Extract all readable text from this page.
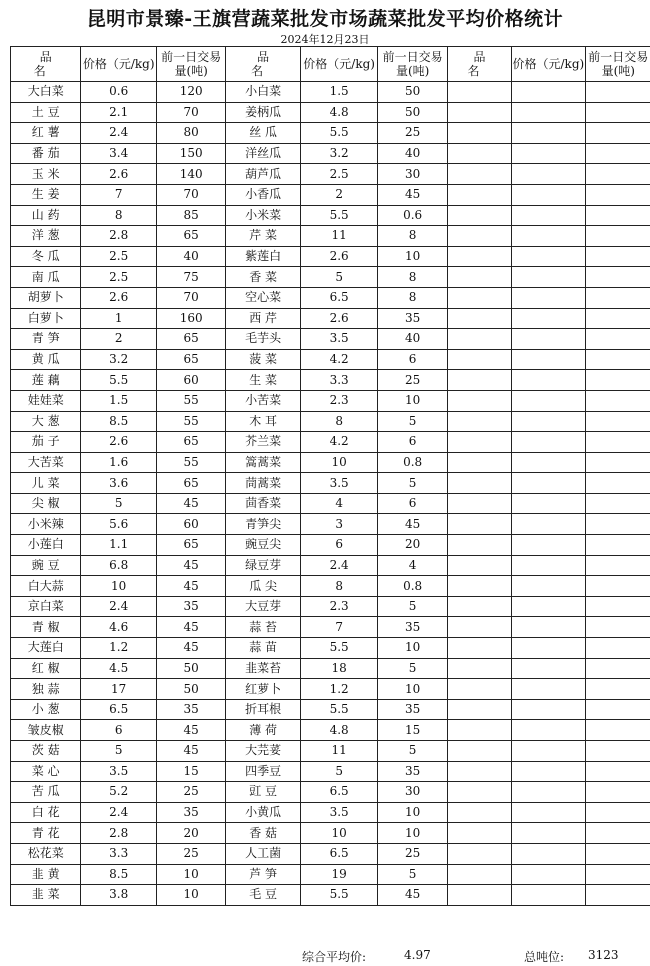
昆明市景臻-王旗营蔬菜批发市场蔬菜批发平均价格统计
2024年12月23日
品 名	价格（元/kg)	前一日交易量(吨)	品 名	价格（元/kg)	前一日交易量(吨)	品 名	价格（元/kg)	前一日交易量(吨)
大白菜	0.6	120	小白菜	1.5	50			
土 豆	2.1	70	姜柄瓜	4.8	50			
红 薯	2.4	80	丝 瓜	5.5	25			
番 茄	3.4	150	洋丝瓜	3.2	40			
玉 米	2.6	140	葫芦瓜	2.5	30			
生 姜	7	70	小香瓜	2	45			
山 药	8	85	小米菜	5.5	0.6			
洋 葱	2.8	65	芹 菜	11	8			
冬 瓜	2.5	40	紫莲白	2.6	10			
南 瓜	2.5	75	香 菜	5	8			
胡萝卜	2.6	70	空心菜	6.5	8			
白萝卜	1	160	西 芹	2.6	35			
青 笋	2	65	毛芋头	3.5	40			
黄 瓜	3.2	65	菠 菜	4.2	6			
莲 藕	5.5	60	生 菜	3.3	25			
娃娃菜	1.5	55	小苦菜	2.3	10			
大 葱	8.5	55	木 耳	8	5			
茄 子	2.6	65	芥兰菜	4.2	6			
大苦菜	1.6	55	篙蒿菜	10	0.8			
儿 菜	3.6	65	茼蒿菜	3.5	5			
尖 椒	5	45	茴香菜	4	6			
小米辣	5.6	60	青笋尖	3	45			
小莲白	1.1	65	豌豆尖	6	20			
豌 豆	6.8	45	绿豆芽	2.4	4			
白大蒜	10	45	瓜 尖	8	0.8			
京白菜	2.4	35	大豆芽	2.3	5			
青 椒	4.6	45	蒜 苔	7	35			
大莲白	1.2	45	蒜 苗	5.5	10			
红 椒	4.5	50	韭菜苔	18	5			
独 蒜	17	50	红萝卜	1.2	10			
小 葱	6.5	35	折耳根	5.5	35			
皱皮椒	6	45	薄 荷	4.8	15			
茨 菇	5	45	大芫荽	11	5			
菜 心	3.5	15	四季豆	5	35			
苦 瓜	5.2	25	豇 豆	6.5	30			
白 花	2.4	35	小黄瓜	3.5	10			
青 花	2.8	20	香 菇	10	10			
松花菜	3.3	25	人工菌	6.5	25			
韭 黄	8.5	10	芦 笋	19	5			
韭 菜	3.8	10	毛 豆	5.5	45			
综合平均价:	4.97	总吨位: 3123
